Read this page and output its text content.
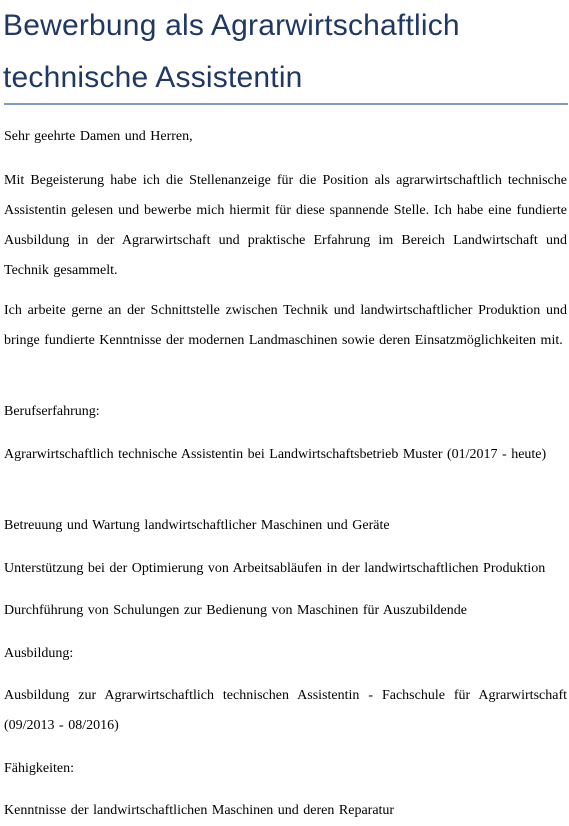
Bewerbung als Agrarwirtschaftlich technische Assistentin

Sehr geehrte Damen und Herren,

Mit Begeisterung habe ich die Stellenanzeige für die Position als agrarwirtschaftlich technische Assistentin gelesen und bewerbe mich hiermit für diese spannende Stelle. Ich habe eine fundierte Ausbildung in der Agrarwirtschaft und praktische Erfahrung im Bereich Landwirtschaft und Technik gesammelt.

Ich arbeite gerne an der Schnittstelle zwischen Technik und landwirtschaftlicher Produktion und bringe fundierte Kenntnisse der modernen Landmaschinen sowie deren Einsatzmöglichkeiten mit.

Berufserfahrung:

Agrarwirtschaftlich technische Assistentin bei Landwirtschaftsbetrieb Muster (01/2017 - heute)

Betreuung und Wartung landwirtschaftlicher Maschinen und Geräte

Unterstützung bei der Optimierung von Arbeitsabläufen in der landwirtschaftlichen Produktion

Durchführung von Schulungen zur Bedienung von Maschinen für Auszubildende

Ausbildung:

Ausbildung zur Agrarwirtschaftlich technischen Assistentin - Fachschule für Agrarwirtschaft (09/2013 - 08/2016)

Fähigkeiten:

Kenntnisse der landwirtschaftlichen Maschinen und deren Reparatur
